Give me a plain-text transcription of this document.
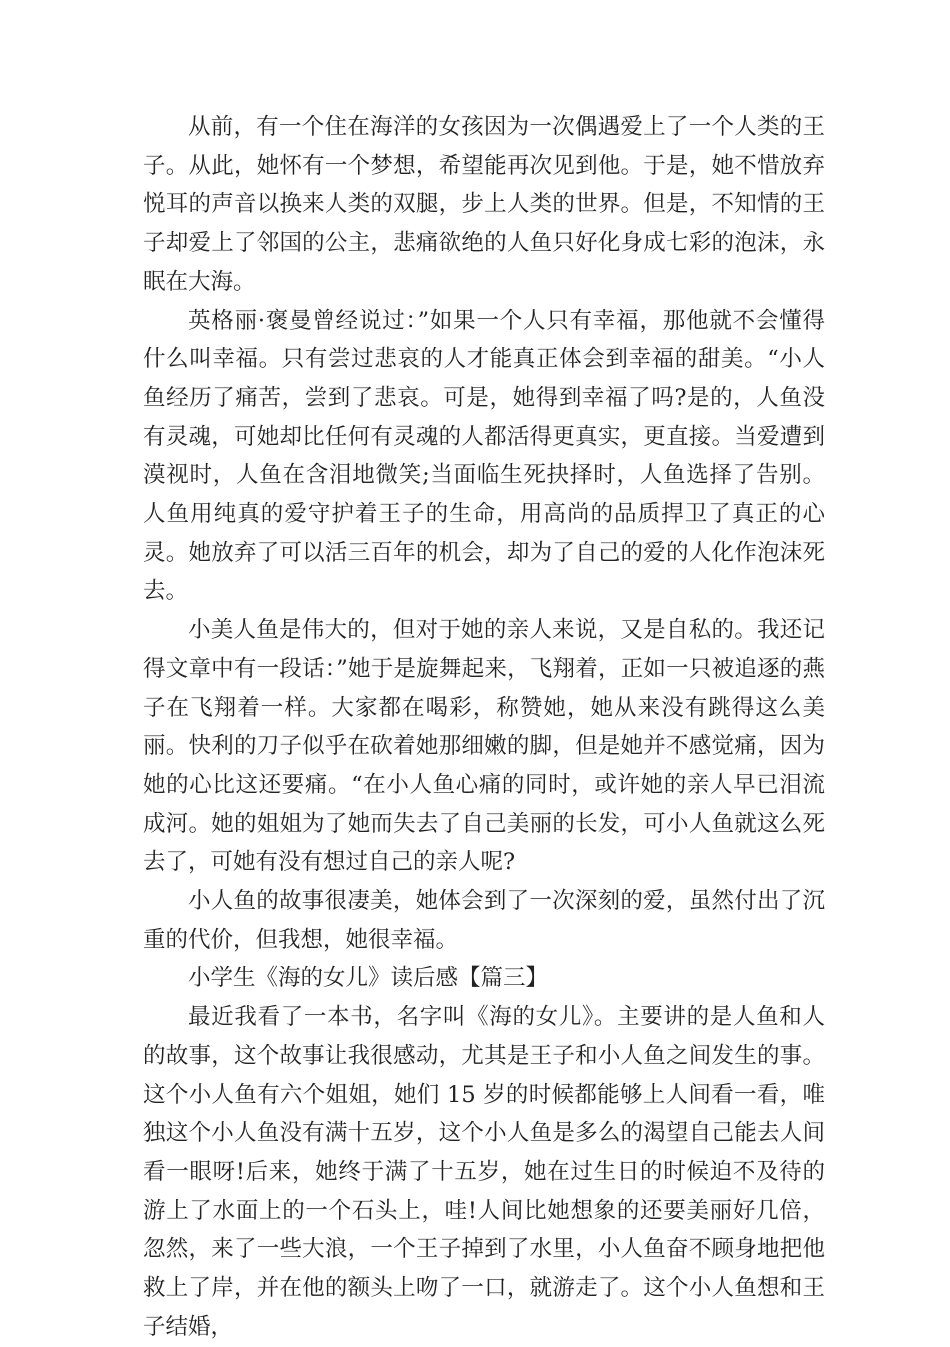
从前，有一个住在海洋的女孩因为一次偶遇爱上了一个人类的王子。从此，她怀有一个梦想，希望能再次见到他。于是，她不惜放弃悦耳的声音以换来人类的双腿，步上人类的世界。但是，不知情的王子却爱上了邻国的公主，悲痛欲绝的人鱼只好化身成七彩的泡沫，永眠在大海。

英格丽·褒曼曾经说过：”如果一个人只有幸福，那他就不会懂得什么叫幸福。只有尝过悲哀的人才能真正体会到幸福的甜美。“小人鱼经历了痛苦，尝到了悲哀。可是，她得到幸福了吗?是的，人鱼没有灵魂，可她却比任何有灵魂的人都活得更真实，更直接。当爱遭到漠视时，人鱼在含泪地微笑;当面临生死抉择时，人鱼选择了告别。人鱼用纯真的爱守护着王子的生命，用高尚的品质捍卫了真正的心灵。她放弃了可以活三百年的机会，却为了自己的爱的人化作泡沫死去。

小美人鱼是伟大的，但对于她的亲人来说，又是自私的。我还记得文章中有一段话：”她于是旋舞起来，飞翔着，正如一只被追逐的燕子在飞翔着一样。大家都在喝彩，称赞她，她从来没有跳得这么美丽。快利的刀子似乎在砍着她那细嫩的脚，但是她并不感觉痛，因为她的心比这还要痛。“在小人鱼心痛的同时，或许她的亲人早已泪流成河。她的姐姐为了她而失去了自己美丽的长发，可小人鱼就这么死去了，可她有没有想过自己的亲人呢?

小人鱼的故事很凄美，她体会到了一次深刻的爱，虽然付出了沉重的代价，但我想，她很幸福。

小学生《海的女儿》读后感【篇三】

最近我看了一本书，名字叫《海的女儿》。主要讲的是人鱼和人的故事，这个故事让我很感动，尤其是王子和小人鱼之间发生的事。这个小人鱼有六个姐姐，她们 15 岁的时候都能够上人间看一看，唯独这个小人鱼没有满十五岁，这个小人鱼是多么的渴望自己能去人间看一眼呀!后来，她终于满了十五岁，她在过生日的时候迫不及待的游上了水面上的一个石头上，哇!人间比她想象的还要美丽好几倍，忽然，来了一些大浪，一个王子掉到了水里，小人鱼奋不顾身地把他救上了岸，并在他的额头上吻了一口，就游走了。这个小人鱼想和王子结婚，
